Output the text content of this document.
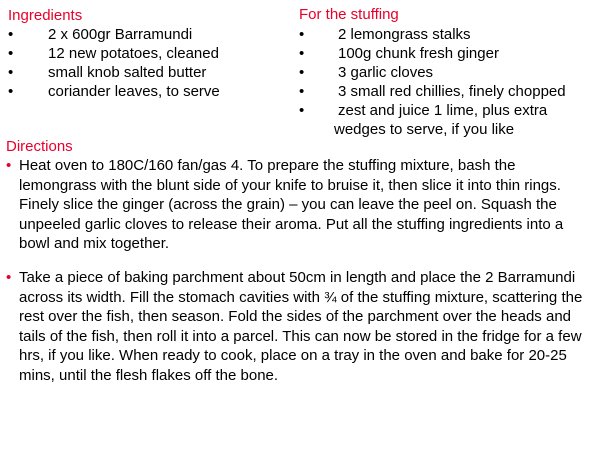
Ingredients
• 2 x 600gr Barramundi
• 12 new potatoes, cleaned
• small knob salted butter
• coriander leaves, to serve
For the stuffing
•	2 lemongrass stalks
•	100g chunk fresh ginger
•	3 garlic cloves
•	3 small red chillies, finely chopped
•	zest and juice 1 lime, plus extra
wedges to serve, if you like
Directions

• Heat oven to 180C/160 fan/gas 4. To prepare the stuffing mixture, bash the lemongrass with the blunt side of your knife to bruise it, then slice it into thin rings. Finely slice the ginger (across the grain) – you can leave the peel on. Squash the unpeeled garlic cloves to release their aroma. Put all the stuffing ingredients into a bowl and mix together.

• Take a piece of baking parchment about 50cm in length and place the 2 Barramundi across its width. Fill the stomach cavities with ¾ of the stuffing mixture, scattering the rest over the fish, then season. Fold the sides of the parchment over the heads and tails of the fish, then roll it into a parcel. This can now be stored in the fridge for a few hrs, if you like. When ready to cook, place on a tray in the oven and bake for 20-25 mins, until the flesh flakes off the bone.
